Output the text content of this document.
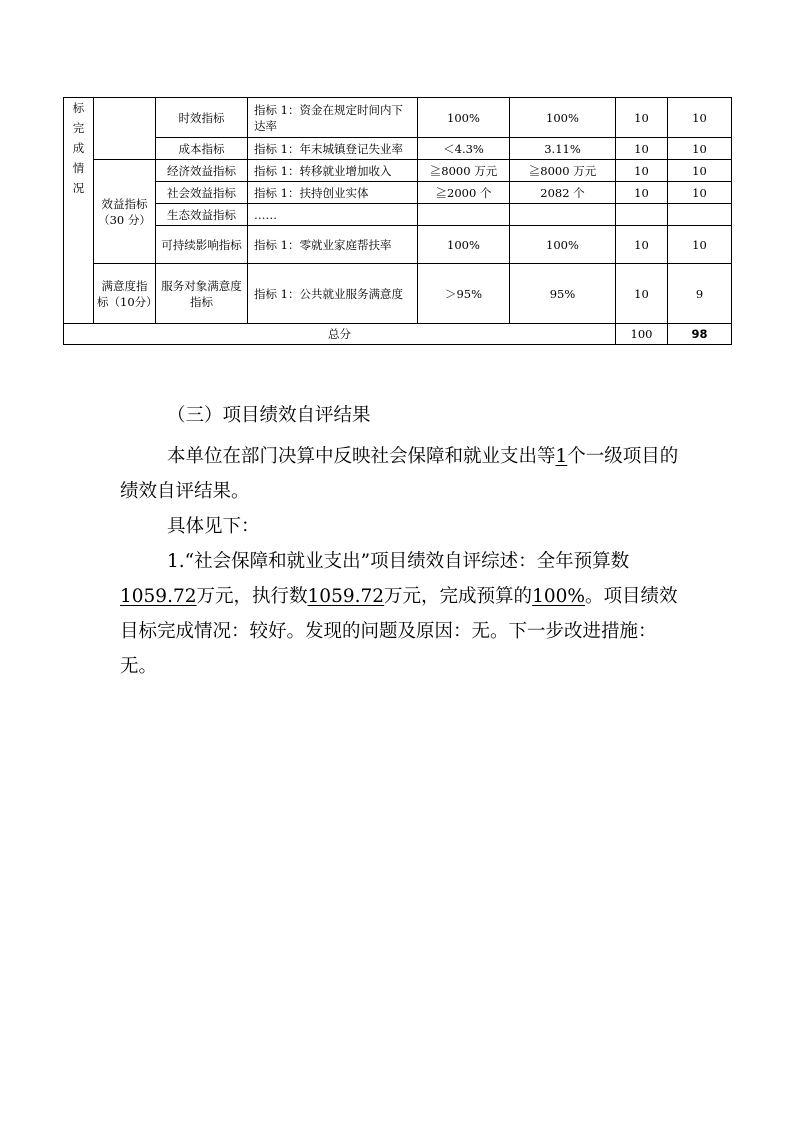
标完成情况		时效指标	指标 1：资金在规定时间内下达率	100%	100%	10	10
		成本指标	指标 1：年末城镇登记失业率	＜4.3%	3.11%	10	10
	效益指标（30 分）	经济效益指标	指标 1：转移就业增加收入	≧8000 万元	≧8000 万元	10	10
		社会效益指标	指标 1：扶持创业实体	≧2000 个	2082 个	10	10
		生态效益指标	……				
		可持续影响指标	指标 1：零就业家庭帮扶率	100%	100%	10	10
	满意度指标（10分）	服务对象满意度指标	指标 1：公共就业服务满意度	＞95%	95%	10	9
总分						100	98

（三）项目绩效自评结果

本单位在部门决算中反映社会保障和就业支出等1个一级项目的绩效自评结果。

具体见下：

1.“社会保障和就业支出”项目绩效自评综述：全年预算数1059.72万元，执行数1059.72万元，完成预算的100%。项目绩效目标完成情况：较好。发现的问题及原因：无。下一步改进措施：无。
